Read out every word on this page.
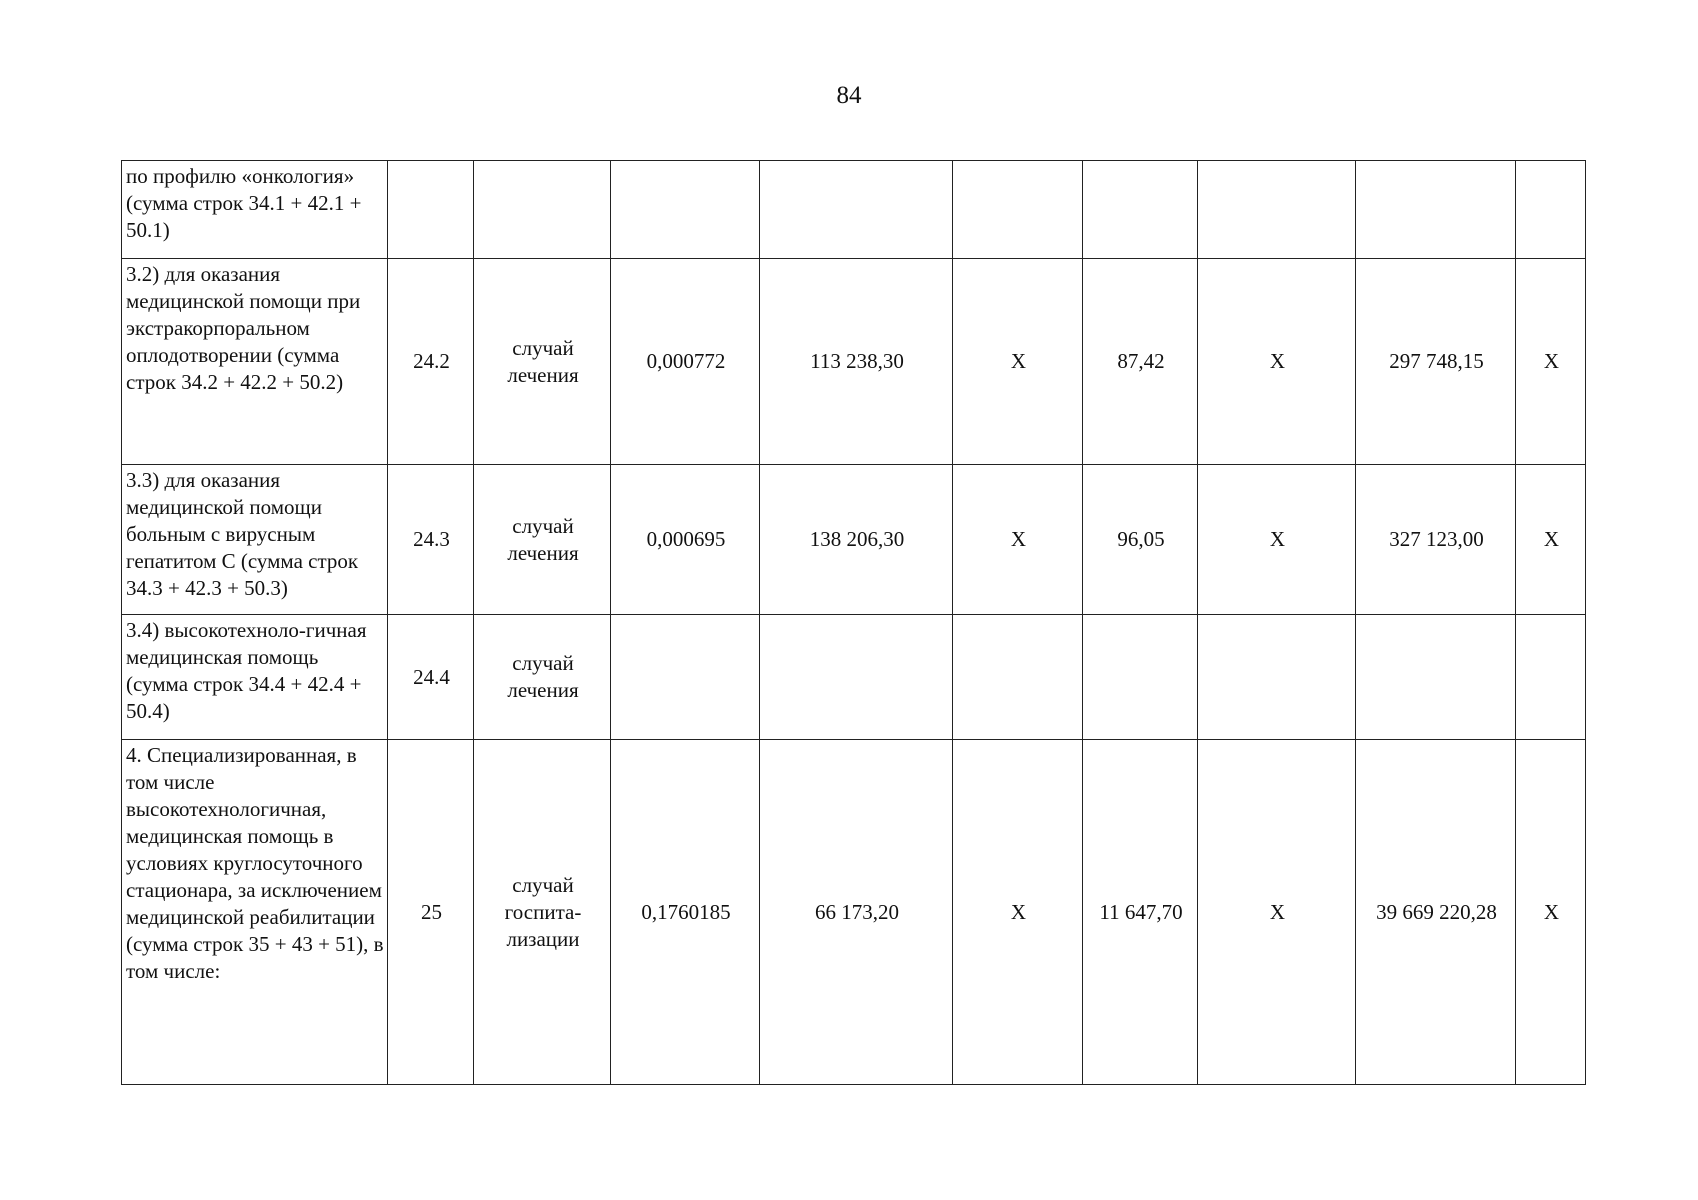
84
по профилю «онкология» (сумма строк 34.1 + 42.1 + 50.1)									
3.2) для оказания медицинской помощи при экстракорпоральном оплодотворении (сумма строк 34.2 + 42.2 + 50.2)	24.2	случай лечения	0,000772	113 238,30	X	87,42	X	297 748,15	X
3.3) для оказания медицинской помощи больным с вирусным гепатитом С (сумма строк 34.3 + 42.3 + 50.3)	24.3	случай лечения	0,000695	138 206,30	X	96,05	X	327 123,00	X
3.4) высокотехноло-гичная медицинская помощь (сумма строк 34.4 + 42.4 + 50.4)	24.4	случай лечения							
4. Специализированная, в том числе высокотехнологичная, медицинская помощь в условиях круглосуточного стационара, за исключением медицинской реабилитации (сумма строк 35 + 43 + 51), в том числе:	25	случай госпита-лизации	0,1760185	66 173,20	X	11 647,70	X	39 669 220,28	X
